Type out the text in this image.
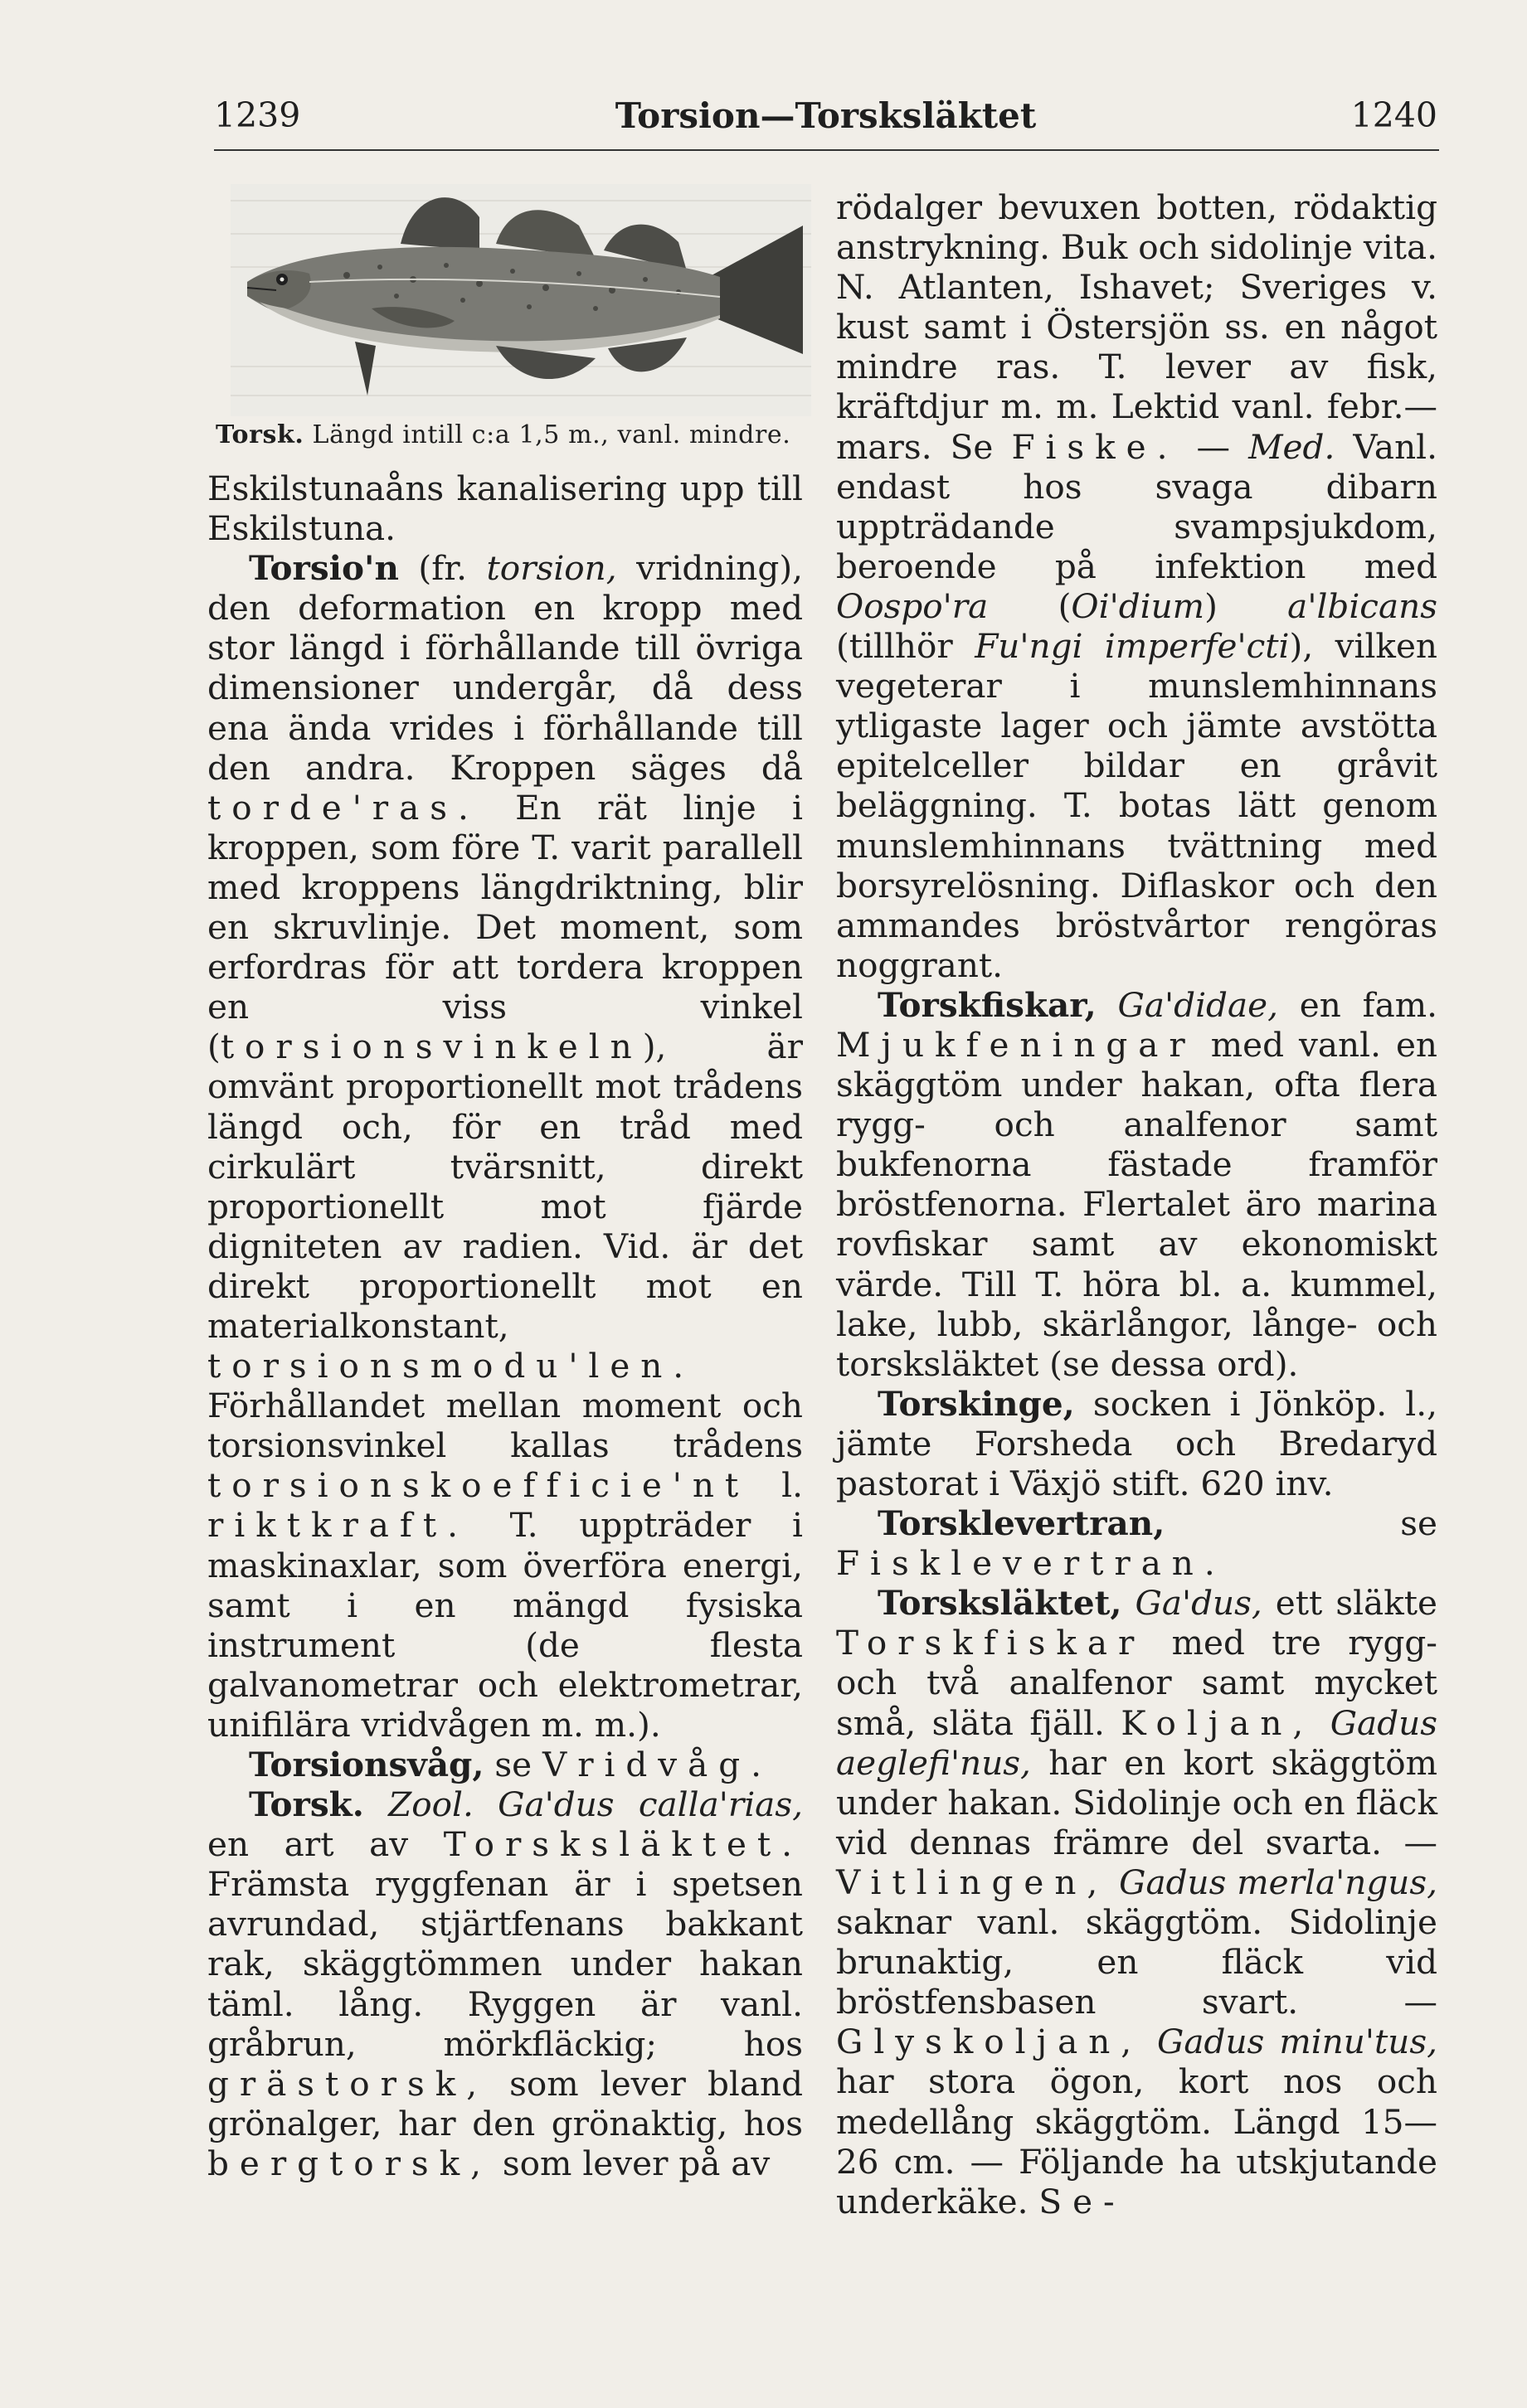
1239	Torsion—Torsksläktet	1240
Torsk. Längd intill c:a 1,5 m., vanl. mindre.

Eskilstunaåns kanalisering upp till Eskilstuna.

Torsio'n (fr. torsion, vridning), den deformation en kropp med stor längd i förhållande till övriga dimensioner undergår, då dess ena ända vrides i förhållande till den andra. Kroppen säges då torde'ras. En rät linje i kroppen, som före T. varit parallell med kroppens längdriktning, blir en skruvlinje. Det moment, som erfordras för att tordera kroppen en viss vinkel (torsionsvinkeln), är omvänt proportionellt mot trådens längd och, för en tråd med cirkulärt tvärsnitt, direkt proportionellt mot fjärde digniteten av radien. Vid. är det direkt proportionellt mot en materialkonstant, torsionsmodu'len. Förhållandet mellan moment och torsionsvinkel kallas trådens torsionskoefficie'nt l. riktkraft. T. uppträder i maskinaxlar, som överföra energi, samt i en mängd fysiska instrument (de flesta galvanometrar och elektrometrar, unifilära vridvågen m. m.).

Torsionsvåg, se Vridvåg.

Torsk. Zool. Ga'dus calla'rias, en art av Torsksläktet. Främsta ryggfenan är i spetsen avrundad, stjärtfenans bakkant rak, skäggtömmen under hakan täml. lång. Ryggen är vanl. gråbrun, mörkfläckig; hos grästorsk, som lever bland grönalger, har den grönaktig, hos bergtorsk, som lever på av

rödalger bevuxen botten, rödaktig anstrykning. Buk och sidolinje vita. N. Atlanten, Ishavet; Sveriges v. kust samt i Östersjön ss. en något mindre ras. T. lever av fisk, kräftdjur m. m. Lektid vanl. febr.—mars. Se Fiske. — Med. Vanl. endast hos svaga dibarn uppträdande svampsjukdom, beroende på infektion med Oospo'ra (Oi'dium) a'lbicans (tillhör Fu'ngi imperfe'cti), vilken vegeterar i munslemhinnans ytligaste lager och jämte avstötta epitelceller bildar en gråvit beläggning. T. botas lätt genom munslemhinnans tvättning med borsyrelösning. Diflaskor och den ammandes bröstvårtor rengöras noggrant.

Torskfiskar, Ga'didae, en fam. Mjukfeningar med vanl. en skäggtöm under hakan, ofta flera rygg- och analfenor samt bukfenorna fästade framför bröstfenorna. Flertalet äro marina rovfiskar samt av ekonomiskt värde. Till T. höra bl. a. kummel, lake, lubb, skärlångor, långe- och torsksläktet (se dessa ord).

Torskinge, socken i Jönköp. l., jämte Forsheda och Bredaryd pastorat i Växjö stift. 620 inv.

Torsklevertran, se Fisklevertran.

Torsksläktet, Ga'dus, ett släkte Torskfiskar med tre rygg- och två analfenor samt mycket små, släta fjäll. Koljan, Gadus aeglefi'nus, har en kort skäggtöm under hakan. Sidolinje och en fläck vid dennas främre del svarta. — Vitlingen, Gadus merla'ngus, saknar vanl. skäggtöm. Sidolinje brunaktig, en fläck vid bröstfensbasen svart. — Glyskoljan, Gadus minu'tus, har stora ögon, kort nos och medellång skäggtöm. Längd 15—26 cm. — Följande ha utskjutande underkäke. Se-
